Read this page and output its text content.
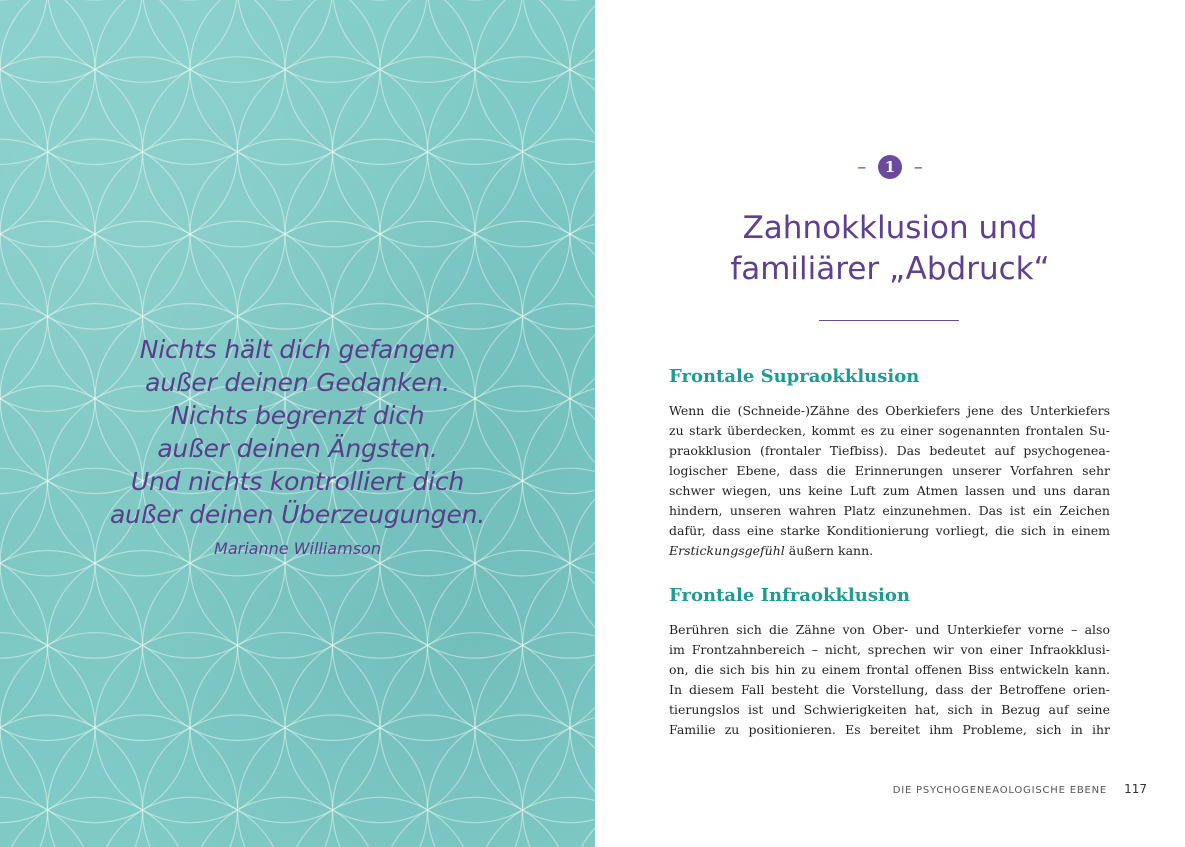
Nichts hält dich gefangen
außer deinen Gedanken.
Nichts begrenzt dich
außer deinen Ängsten.
Und nichts kontrolliert dich
außer deinen Überzeugungen.
Marianne Williamson
– 1 –
Zahnokklusion und
familiärer „Abdruck“
Frontale Supraokklusion
Wenn die (Schneide-)Zähne des Oberkiefers jene des Unterkiefers
zu stark überdecken, kommt es zu einer sogenannten frontalen Su-
praokklusion (frontaler Tiefbiss). Das bedeutet auf psychogenea-
logischer Ebene, dass die Erinnerungen unserer Vorfahren sehr
schwer wiegen, uns keine Luft zum Atmen lassen und uns daran
hindern, unseren wahren Platz einzunehmen. Das ist ein Zeichen
dafür, dass eine starke Konditionierung vorliegt, die sich in einem
Erstickungsgefühl äußern kann.
Frontale Infraokklusion
Berühren sich die Zähne von Ober- und Unterkiefer vorne – also
im Frontzahnbereich – nicht, sprechen wir von einer Infraokklusi-
on, die sich bis hin zu einem frontal offenen Biss entwickeln kann.
In diesem Fall besteht die Vorstellung, dass der Betroffene orien-
tierungslos ist und Schwierigkeiten hat, sich in Bezug auf seine
Familie zu positionieren. Es bereitet ihm Probleme, sich in ihr
DIE PSYCHOGENEAOLOGISCHE EBENE 117
